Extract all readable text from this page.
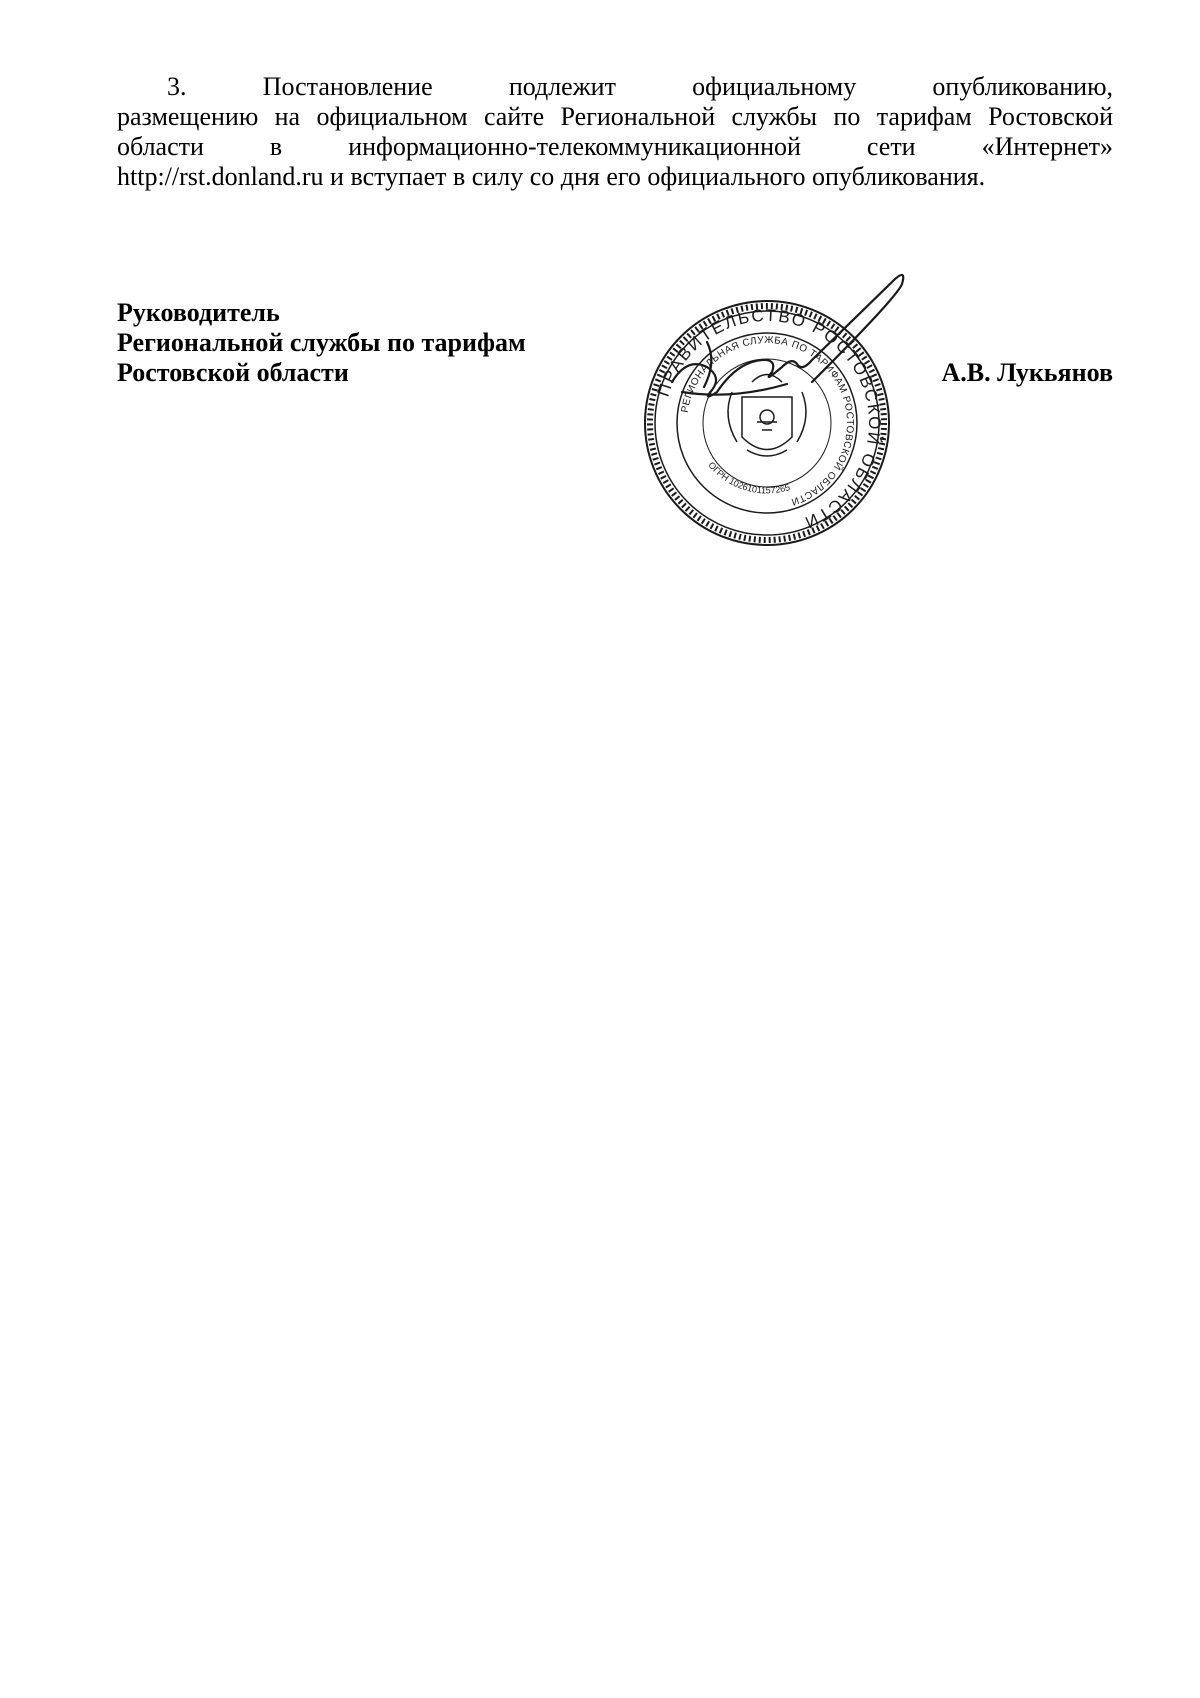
3. Постановление подлежит официальному опубликованию,
размещению на официальном сайте Региональной службы по тарифам Ростовской
области в информационно-телекоммуникационной сети «Интернет»
http://rst.donland.ru и вступает в силу со дня его официального опубликования.
Руководитель
Региональной службы по тарифам
Ростовской области
ПРАВИТЕЛЬСТВО РОСТОВСКОЙ ОБЛАСТИ
РЕГИОНАЛЬНАЯ СЛУЖБА ПО ТАРИФАМ РОСТОВСКОЙ ОБЛАСТИ
ОГРН 1026101157265
А.В. Лукьянов
